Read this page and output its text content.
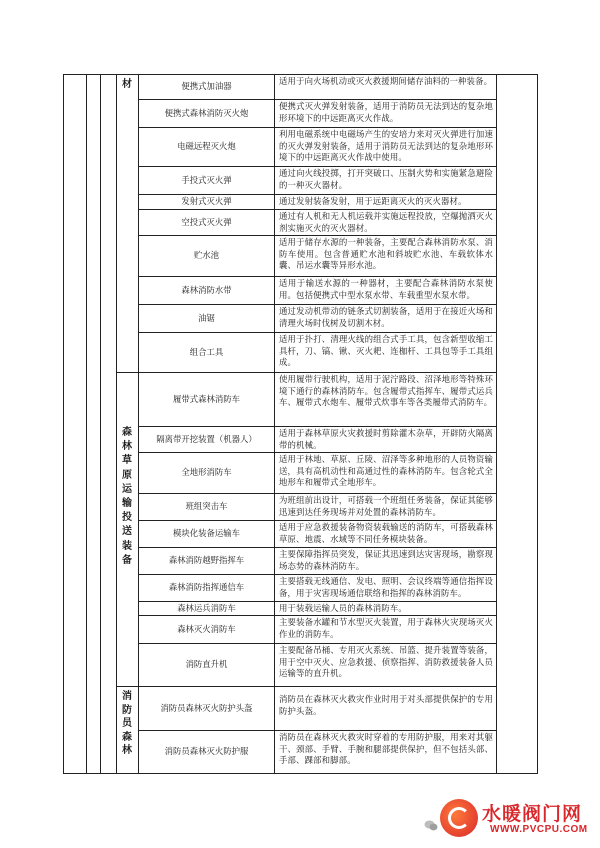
材
森林草原运输投送装备
消防员森林
便携式加油器
便携式森林消防灭火炮
电磁远程灭火炮
手投式灭火弹
发射式灭火弹
空投式灭火弹
贮水池
森林消防水带
油锯
组合工具
履带式森林消防车
隔离带开挖装置（机器人）
全地形消防车
班组突击车
模块化装备运输车
森林消防越野指挥车
森林消防指挥通信车
森林运兵消防车
森林灭火消防车
消防直升机
消防员森林灭火防护头盔
消防员森林灭火防护服
适用于向火场机动或灭火救援期间储存油料的一种装备。
便携式灭火弹发射装备，适用于消防员无法到达的复杂地形环境下的中远距离灭火作战。
利用电磁系统中电磁场产生的安培力来对灭火弹进行加速的灭火弹发射装备，适用于消防员无法到达的复杂地形环境下的中远距离灭火作战中使用。
通过向火线投掷，打开突破口、压制火势和实施紧急避险的一种灭火器材。
通过发射装备发射，用于远距离灭火的灭火器材。
通过有人机和无人机运载并实施远程投放，空爆抛洒灭火剂实施灭火的灭火器材。
适用于储存水源的一种装备，主要配合森林消防水泵、消防车使用。包含普通贮水池和斜坡贮水池、车载软体水囊、吊运水囊等异形水池。
适用于输送水源的一种器材，主要配合森林消防水泵使用。包括便携式中型水泵水带、车载重型水泵水带。
通过发动机带动的链条式切割装备，适用于在接近火场和清理火场时伐树及切割木材。
适用于扑打、清理火线的组合式手工具，包含新型收缩工具杆，刀、镐、锹、灭火耙、连枷杆、工具包等手工具组成。
使用履带行驶机构，适用于泥泞路段、沼泽地形等特殊环境下通行的森林消防车。包含履带式指挥车、履带式运兵车、履带式水炮车、履带式炊事车等各类履带式消防车。
适用于森林草原火灾救援时剪除灌木杂草，开辟防火隔离带的机械。
适用于林地、草原、丘陵、沼泽等多种地形的人员物资输送，具有高机动性和高通过性的森林消防车。包含轮式全地形车和履带式全地形车。
为班组前出设计，可搭载一个班组任务装备，保证其能够迅速到达任务现场并对处置的森林消防车。
适用于应急救援装备物资装载输送的消防车，可搭载森林草原、地震、水域等不同任务模块装备。
主要保障指挥员突发，保证其迅速到达灾害现场，勘察现场态势的森林消防车。
主要搭载无线通信、发电、照明、会议终端等通信指挥设备，用于灾害现场通信联络和指挥的森林消防车。
用于装载运输人员的森林消防车。
主要装备水罐和节水型灭火装置，用于森林火灾现场灭火作业的消防车。
主要配备吊桶、专用灭火系统、吊篮、提升装置等装备，用于空中灭火、应急救援、侦察指挥、消防救援装备人员运输等的直升机。
消防员在森林灭火救灾作业时用于对头部提供保护的专用防护头盔。
消防员在森林灭火救灾时穿着的专用防护服，用来对其躯干、颈部、手臂、手腕和腿部提供保护，但不包括头部、手部、踝部和脚部。
水暖阀门网
WWW.PVCPU.COM
